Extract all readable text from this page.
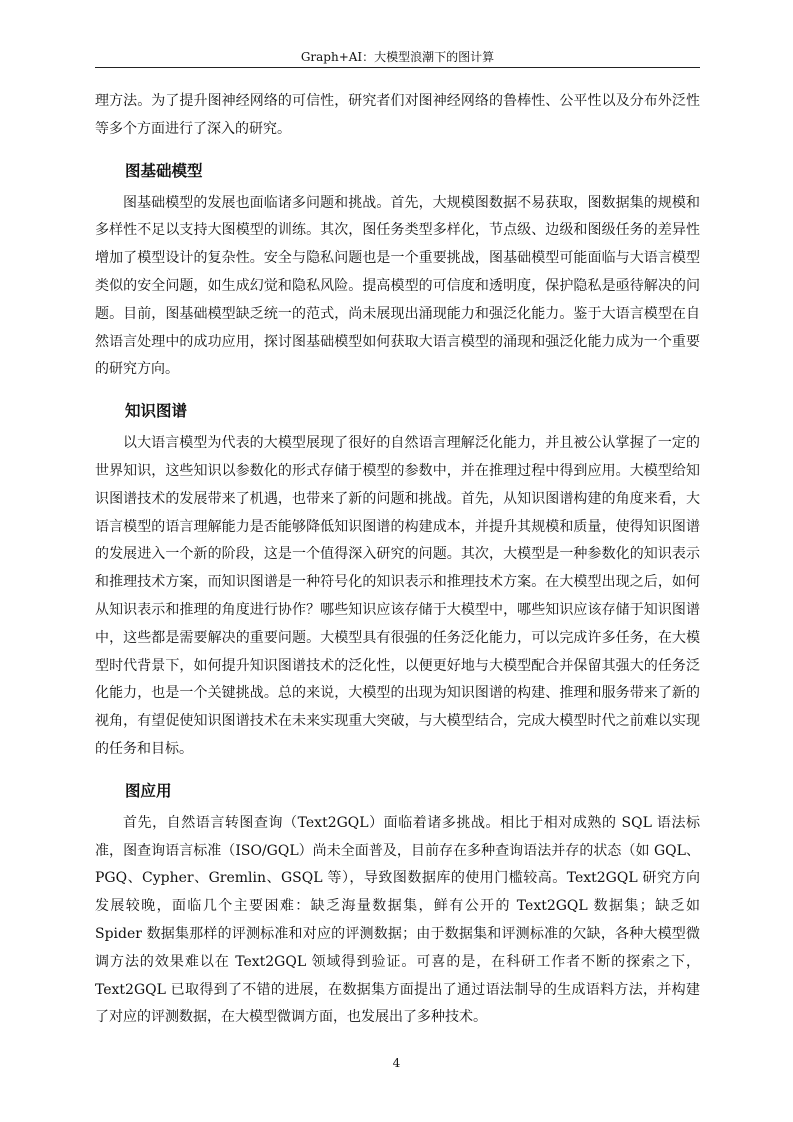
Graph+AI：大模型浪潮下的图计算

理方法。为了提升图神经网络的可信性，研究者们对图神经网络的鲁棒性、公平性以及分布外泛性等多个方面进行了深入的研究。

图基础模型

图基础模型的发展也面临诸多问题和挑战。首先，大规模图数据不易获取，图数据集的规模和多样性不足以支持大图模型的训练。其次，图任务类型多样化，节点级、边级和图级任务的差异性增加了模型设计的复杂性。安全与隐私问题也是一个重要挑战，图基础模型可能面临与大语言模型类似的安全问题，如生成幻觉和隐私风险。提高模型的可信度和透明度，保护隐私是亟待解决的问题。目前，图基础模型缺乏统一的范式，尚未展现出涌现能力和强泛化能力。鉴于大语言模型在自然语言处理中的成功应用，探讨图基础模型如何获取大语言模型的涌现和强泛化能力成为一个重要的研究方向。

知识图谱

以大语言模型为代表的大模型展现了很好的自然语言理解泛化能力，并且被公认掌握了一定的世界知识，这些知识以参数化的形式存储于模型的参数中，并在推理过程中得到应用。大模型给知识图谱技术的发展带来了机遇，也带来了新的问题和挑战。首先，从知识图谱构建的角度来看，大语言模型的语言理解能力是否能够降低知识图谱的构建成本，并提升其规模和质量，使得知识图谱的发展进入一个新的阶段，这是一个值得深入研究的问题。其次，大模型是一种参数化的知识表示和推理技术方案，而知识图谱是一种符号化的知识表示和推理技术方案。在大模型出现之后，如何从知识表示和推理的角度进行协作？哪些知识应该存储于大模型中，哪些知识应该存储于知识图谱中，这些都是需要解决的重要问题。大模型具有很强的任务泛化能力，可以完成许多任务，在大模型时代背景下，如何提升知识图谱技术的泛化性，以便更好地与大模型配合并保留其强大的任务泛化能力，也是一个关键挑战。总的来说，大模型的出现为知识图谱的构建、推理和服务带来了新的视角，有望促使知识图谱技术在未来实现重大突破，与大模型结合，完成大模型时代之前难以实现的任务和目标。

图应用

首先，自然语言转图查询（Text2GQL）面临着诸多挑战。相比于相对成熟的 SQL 语法标准，图查询语言标准（ISO/GQL）尚未全面普及，目前存在多种查询语法并存的状态（如 GQL、PGQ、Cypher、Gremlin、GSQL 等），导致图数据库的使用门槛较高。Text2GQL 研究方向发展较晚，面临几个主要困难：缺乏海量数据集，鲜有公开的 Text2GQL 数据集；缺乏如 Spider 数据集那样的评测标准和对应的评测数据；由于数据集和评测标准的欠缺，各种大模型微调方法的效果难以在 Text2GQL 领域得到验证。可喜的是，在科研工作者不断的探索之下，Text2GQL 已取得到了不错的进展，在数据集方面提出了通过语法制导的生成语料方法，并构建了对应的评测数据，在大模型微调方面，也发展出了多种技术。

4
